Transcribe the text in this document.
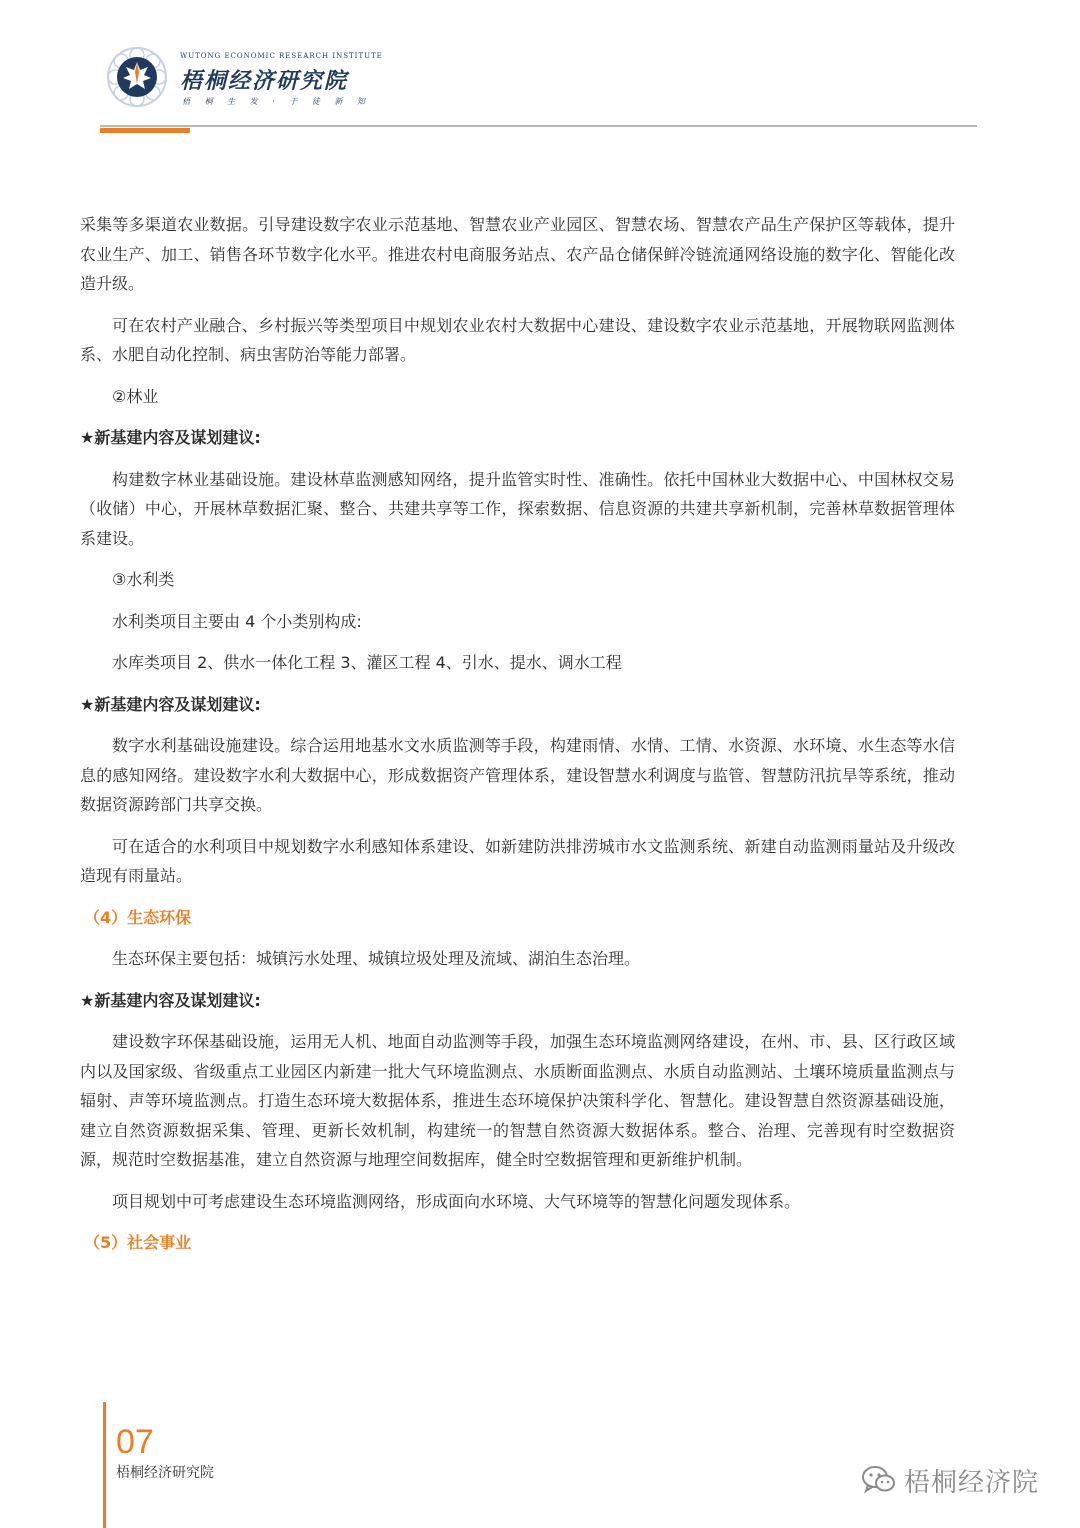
WUTONG ECONOMIC RESEARCH INSTITUTE
梧桐经济研究院
梧 桐 生 发 · 于 徒 新 知

采集等多渠道农业数据。引导建设数字农业示范基地、智慧农业产业园区、智慧农场、智慧农产品生产保护区等载体，提升农业生产、加工、销售各环节数字化水平。推进农村电商服务站点、农产品仓储保鲜冷链流通网络设施的数字化、智能化改造升级。

可在农村产业融合、乡村振兴等类型项目中规划农业农村大数据中心建设、建设数字农业示范基地，开展物联网监测体系、水肥自动化控制、病虫害防治等能力部署。

②林业

★新基建内容及谋划建议:

构建数字林业基础设施。建设林草监测感知网络，提升监管实时性、准确性。依托中国林业大数据中心、中国林权交易（收储）中心，开展林草数据汇聚、整合、共建共享等工作，探索数据、信息资源的共建共享新机制，完善林草数据管理体系建设。

③水利类

水利类项目主要由 4 个小类别构成:

水库类项目 2、供水一体化工程 3、灌区工程 4、引水、提水、调水工程

★新基建内容及谋划建议:

数字水利基础设施建设。综合运用地基水文水质监测等手段，构建雨情、水情、工情、水资源、水环境、水生态等水信息的感知网络。建设数字水利大数据中心，形成数据资产管理体系，建设智慧水利调度与监管、智慧防汛抗旱等系统，推动数据资源跨部门共享交换。

可在适合的水利项目中规划数字水利感知体系建设、如新建防洪排涝城市水文监测系统、新建自动监测雨量站及升级改造现有雨量站。

（4）生态环保

生态环保主要包括：城镇污水处理、城镇垃圾处理及流域、湖泊生态治理。

★新基建内容及谋划建议:

建设数字环保基础设施，运用无人机、地面自动监测等手段，加强生态环境监测网络建设，在州、市、县、区行政区域内以及国家级、省级重点工业园区内新建一批大气环境监测点、水质断面监测点、水质自动监测站、土壤环境质量监测点与辐射、声等环境监测点。打造生态环境大数据体系，推进生态环境保护决策科学化、智慧化。建设智慧自然资源基础设施，建立自然资源数据采集、管理、更新长效机制，构建统一的智慧自然资源大数据体系。整合、治理、完善现有时空数据资源，规范时空数据基准，建立自然资源与地理空间数据库，健全时空数据管理和更新维护机制。

项目规划中可考虑建设生态环境监测网络，形成面向水环境、大气环境等的智慧化问题发现体系。

（5）社会事业

07
梧桐经济研究院	梧桐经济院
